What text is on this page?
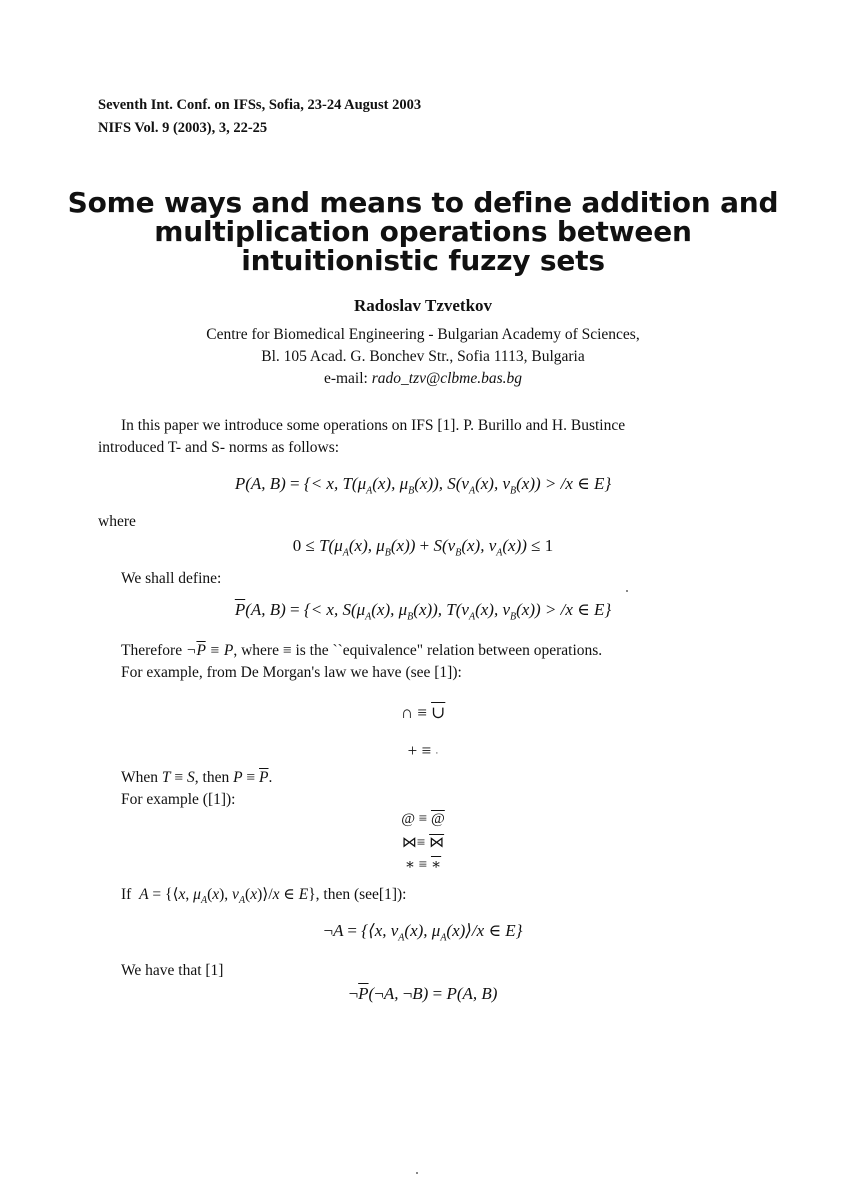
Seventh Int. Conf. on IFSs, Sofia, 23-24 August 2003
NIFS Vol. 9 (2003), 3, 22-25
Some ways and means to define addition and
multiplication operations between
intuitionistic fuzzy sets
Radoslav Tzvetkov
Centre for Biomedical Engineering - Bulgarian Academy of Sciences,
Bl. 105 Acad. G. Bonchev Str., Sofia 1113, Bulgaria
e-mail: rado_tzv@clbme.bas.bg
In this paper we introduce some operations on IFS [1]. P. Burillo and H. Bustince
introduced T- and S- norms as follows:
P(A, B) = {< x, $T(\mu_A(x)$, $\mu_B(x)$), $S(\nu_A(x)$, $\nu_B(x)) > /x$ ∈ E}
where
$0 \le T(\mu_A(x)$, $\mu_B(x)) + S(\nu_B(x)$, $\nu_A(x)) \le 1$
We shall define:
$\overline{P}(A$, B) = {< x, $S(\mu_A(x)$, $\mu_B(x)$), $T(\nu_A(x)$, $\nu_B(x)) > /x$ ∈ E}
Therefore $\neg\overline{P} \equiv P$, where ≡ is the ``equivalence" relation between operations.
For example, from De Morgan's law we have (see [1]):
∩ ≡ ∪
+ ≡ ·
When T ≡ S, then $P \equiv \overline{P}$.
For example ([1]):
@ ≡ @
⋈≡ ⋈
∗ ≡ ∗
If A = {⟨x, $\mu_A(x)$, $\nu_A(x)⟩/x$ ∈ E}, then (see[1]):
¬A = {⟨x, $\nu_A(x)$, $\mu_A(x)⟩/x$ ∈ E}
We have that [1]
$\neg\overline{P}(\neg A$, ¬B) = P(A, B)
